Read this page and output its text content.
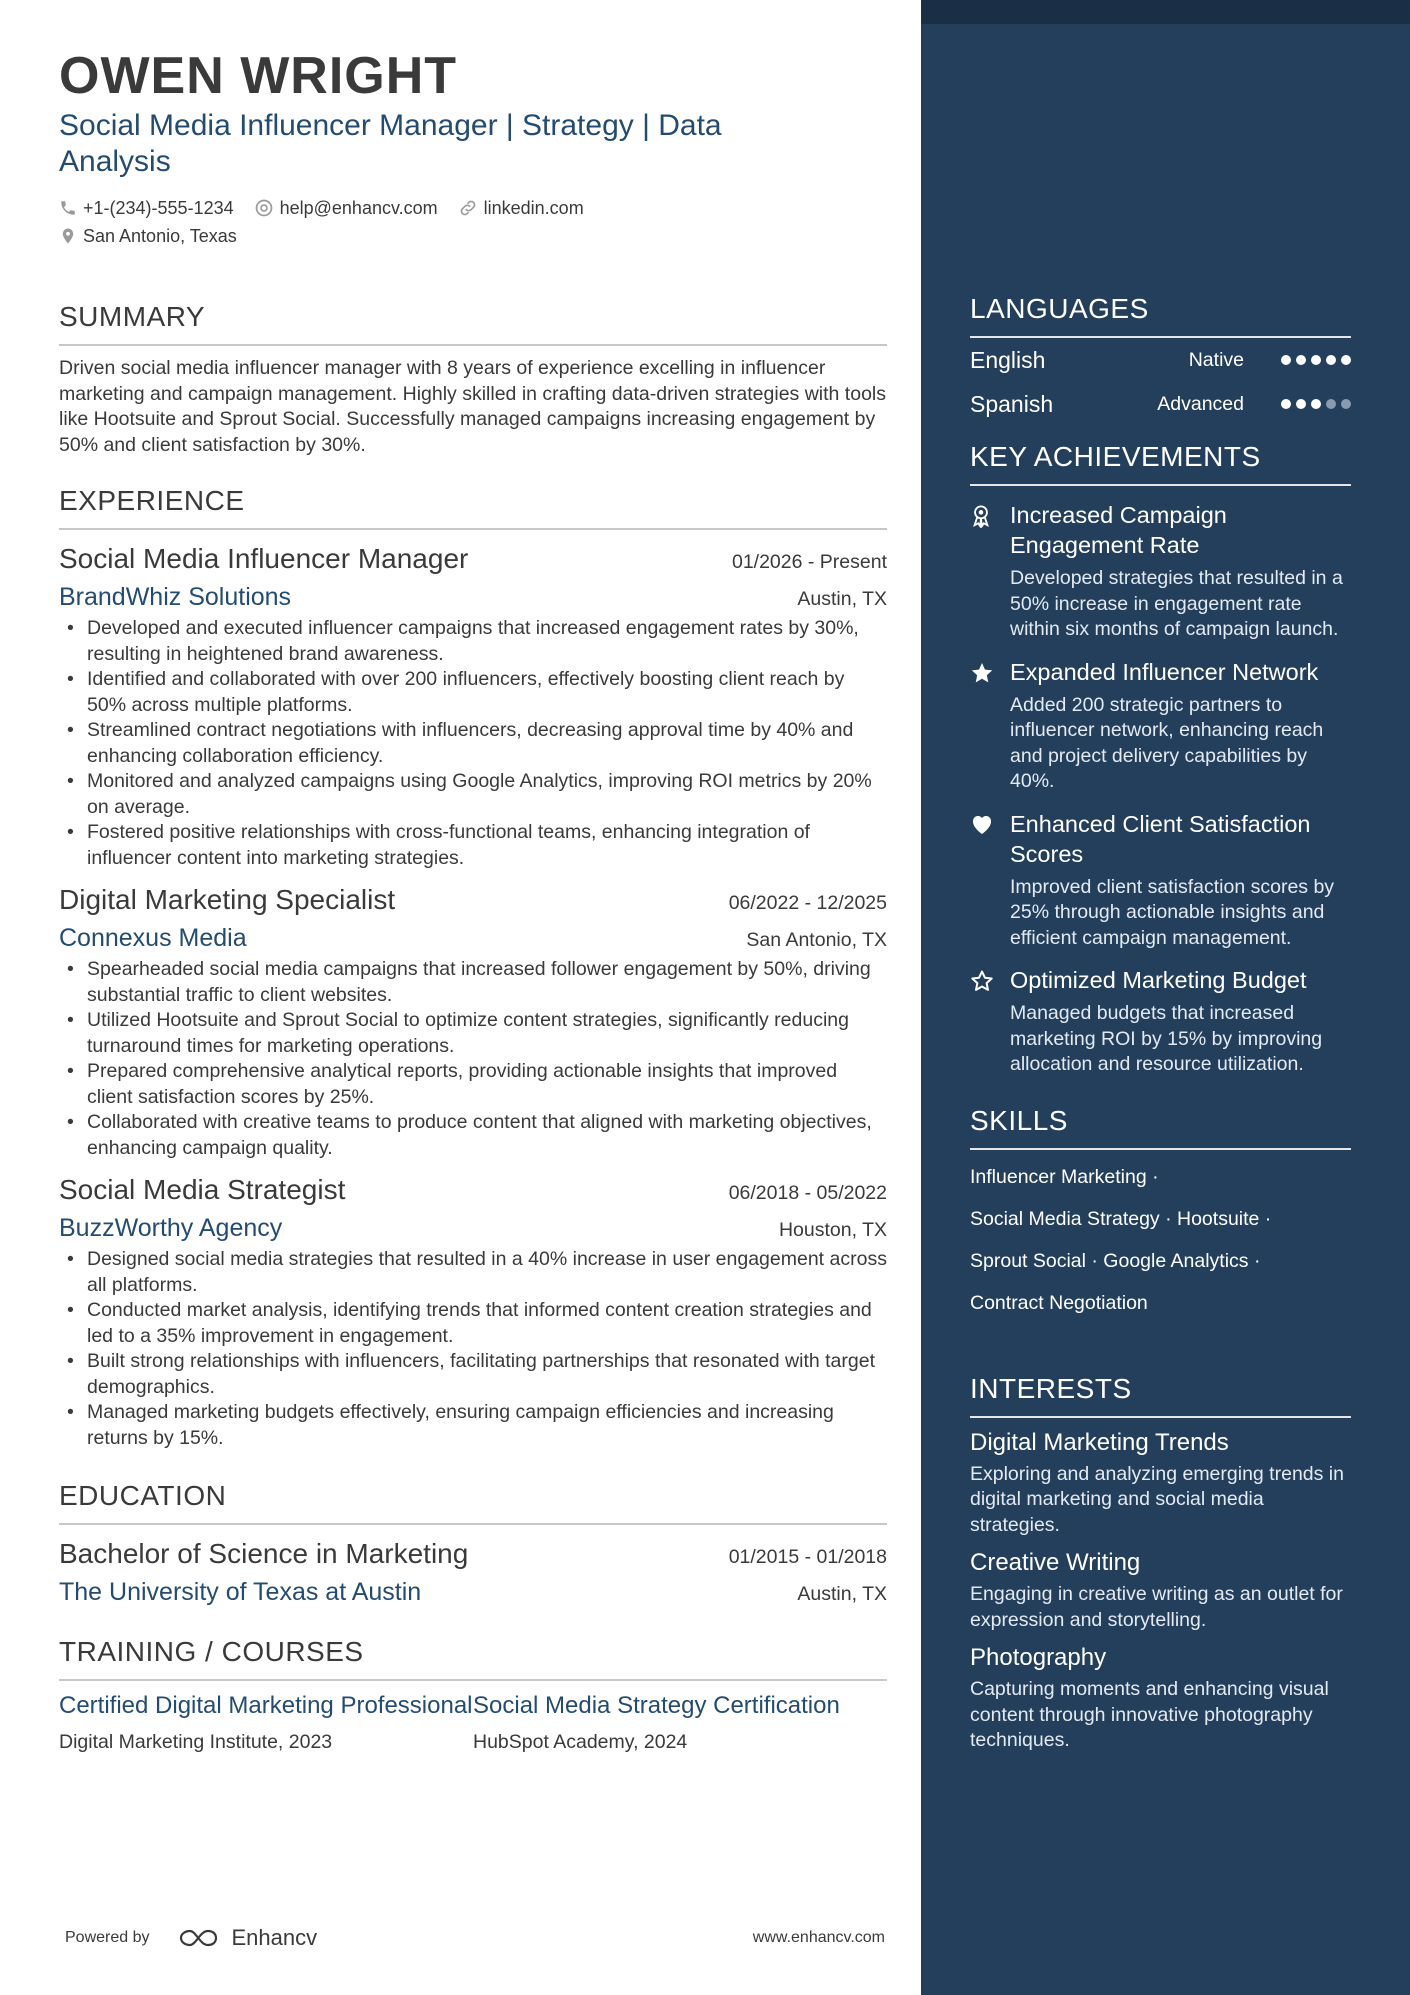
OWEN WRIGHT
Social Media Influencer Manager | Strategy | Data Analysis
+1-(234)-555-1234	help@enhancv.com	linkedin.com
San Antonio, Texas
SUMMARY
Driven social media influencer manager with 8 years of experience excelling in influencer marketing and campaign management. Highly skilled in crafting data-driven strategies with tools like Hootsuite and Sprout Social. Successfully managed campaigns increasing engagement by 50% and client satisfaction by 30%.
EXPERIENCE
Social Media Influencer Manager	01/2026 - Present
BrandWhiz Solutions	Austin, TX
• Developed and executed influencer campaigns that increased engagement rates by 30%, resulting in heightened brand awareness.
• Identified and collaborated with over 200 influencers, effectively boosting client reach by 50% across multiple platforms.
• Streamlined contract negotiations with influencers, decreasing approval time by 40% and enhancing collaboration efficiency.
• Monitored and analyzed campaigns using Google Analytics, improving ROI metrics by 20% on average.
• Fostered positive relationships with cross-functional teams, enhancing integration of influencer content into marketing strategies.
Digital Marketing Specialist	06/2022 - 12/2025
Connexus Media	San Antonio, TX
• Spearheaded social media campaigns that increased follower engagement by 50%, driving substantial traffic to client websites.
• Utilized Hootsuite and Sprout Social to optimize content strategies, significantly reducing turnaround times for marketing operations.
• Prepared comprehensive analytical reports, providing actionable insights that improved client satisfaction scores by 25%.
• Collaborated with creative teams to produce content that aligned with marketing objectives, enhancing campaign quality.
Social Media Strategist	06/2018 - 05/2022
BuzzWorthy Agency	Houston, TX
• Designed social media strategies that resulted in a 40% increase in user engagement across all platforms.
• Conducted market analysis, identifying trends that informed content creation strategies and led to a 35% improvement in engagement.
• Built strong relationships with influencers, facilitating partnerships that resonated with target demographics.
• Managed marketing budgets effectively, ensuring campaign efficiencies and increasing returns by 15%.
EDUCATION
Bachelor of Science in Marketing	01/2015 - 01/2018
The University of Texas at Austin	Austin, TX
TRAINING / COURSES
Certified Digital Marketing Professional
Digital Marketing Institute, 2023
Social Media Strategy Certification
HubSpot Academy, 2024
Powered by	Enhancv	www.enhancv.com
LANGUAGES
English	Native
Spanish	Advanced
KEY ACHIEVEMENTS
Increased Campaign Engagement Rate
Developed strategies that resulted in a 50% increase in engagement rate within six months of campaign launch.
Expanded Influencer Network
Added 200 strategic partners to influencer network, enhancing reach and project delivery capabilities by 40%.
Enhanced Client Satisfaction Scores
Improved client satisfaction scores by 25% through actionable insights and efficient campaign management.
Optimized Marketing Budget
Managed budgets that increased marketing ROI by 15% by improving allocation and resource utilization.
SKILLS
Influencer Marketing ·
Social Media Strategy · Hootsuite ·
Sprout Social · Google Analytics ·
Contract Negotiation
INTERESTS
Digital Marketing Trends
Exploring and analyzing emerging trends in digital marketing and social media strategies.
Creative Writing
Engaging in creative writing as an outlet for expression and storytelling.
Photography
Capturing moments and enhancing visual content through innovative photography techniques.
